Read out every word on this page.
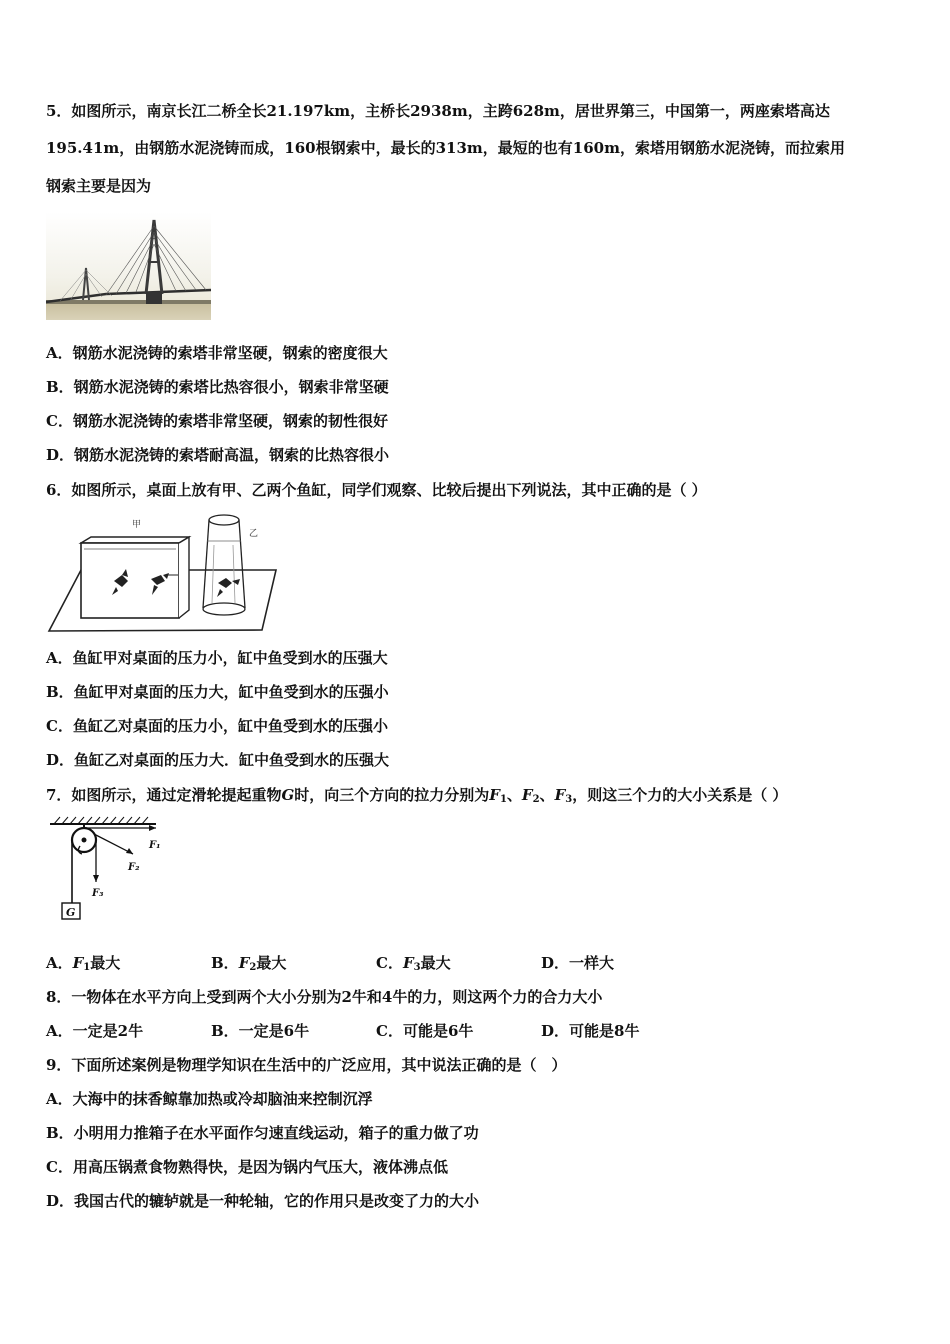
5．如图所示，南京长江二桥全长21.197km，主桥长2938m，主跨628m，居世界第三，中国第一，两座索塔高达
195.41m，由钢筋水泥浇铸而成，160根钢索中，最长的313m，最短的也有160m，索塔用钢筋水泥浇铸，而拉索用
钢索主要是因为
A．钢筋水泥浇铸的索塔非常坚硬，钢索的密度很大
B．钢筋水泥浇铸的索塔比热容很小，钢索非常坚硬
C．钢筋水泥浇铸的索塔非常坚硬，钢索的韧性很好
D．钢筋水泥浇铸的索塔耐高温，钢索的比热容很小
6．如图所示，桌面上放有甲、乙两个鱼缸，同学们观察、比较后提出下列说法，其中正确的是（ ）
甲
乙
A．鱼缸甲对桌面的压力小，缸中鱼受到水的压强大
B．鱼缸甲对桌面的压力大，缸中鱼受到水的压强小
C．鱼缸乙对桌面的压力小，缸中鱼受到水的压强小
D．鱼缸乙对桌面的压力大．缸中鱼受到水的压强大
7．如图所示，通过定滑轮提起重物G时，向三个方向的拉力分别为$F_1$、$F_2$、$F_3$，则这三个力的大小关系是（ ）
G
F₁
F₂
F₃
A．$F_1$最大	B．$F_2$最大	C．$F_3$最大	D．一样大
8．一物体在水平方向上受到两个大小分别为2牛和4牛的力，则这两个力的合力大小
A．一定是2牛	B．一定是6牛	C．可能是6牛	D．可能是8牛
9．下面所述案例是物理学知识在生活中的广泛应用，其中说法正确的是（　）
A．大海中的抹香鲸靠加热或冷却脑油来控制沉浮
B．小明用力推箱子在水平面作匀速直线运动，箱子的重力做了功
C．用高压锅煮食物熟得快，是因为锅内气压大，液体沸点低
D．我国古代的辘轳就是一种轮轴，它的作用只是改变了力的大小
